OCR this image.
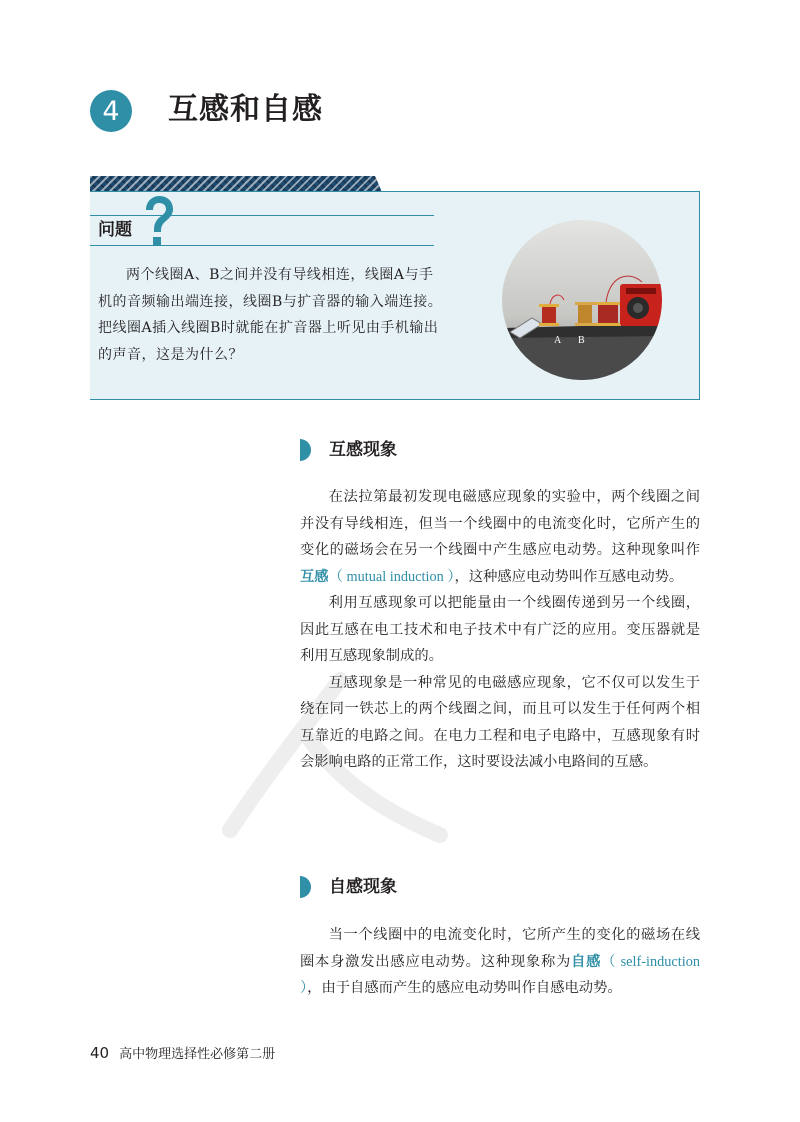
4	互感和自感
问题

两个线圈A、B之间并没有导线相连，线圈A与手机的音频输出端连接，线圈B与扩音器的输入端连接。把线圈A插入线圈B时就能在扩音器上听见由手机输出的声音，这是为什么？

A B
互感现象

在法拉第最初发现电磁感应现象的实验中，两个线圈之间并没有导线相连，但当一个线圈中的电流变化时，它所产生的变化的磁场会在另一个线圈中产生感应电动势。这种现象叫作互感（ mutual induction ），这种感应电动势叫作互感电动势。

利用互感现象可以把能量由一个线圈传递到另一个线圈，因此互感在电工技术和电子技术中有广泛的应用。变压器就是利用互感现象制成的。

互感现象是一种常见的电磁感应现象，它不仅可以发生于绕在同一铁芯上的两个线圈之间，而且可以发生于任何两个相互靠近的电路之间。在电力工程和电子电路中，互感现象有时会影响电路的正常工作，这时要设法减小电路间的互感。

自感现象

当一个线圈中的电流变化时，它所产生的变化的磁场在线圈本身激发出感应电动势。这种现象称为自感（ self-induction ），由于自感而产生的感应电动势叫作自感电动势。

40 高中物理选择性必修第二册
